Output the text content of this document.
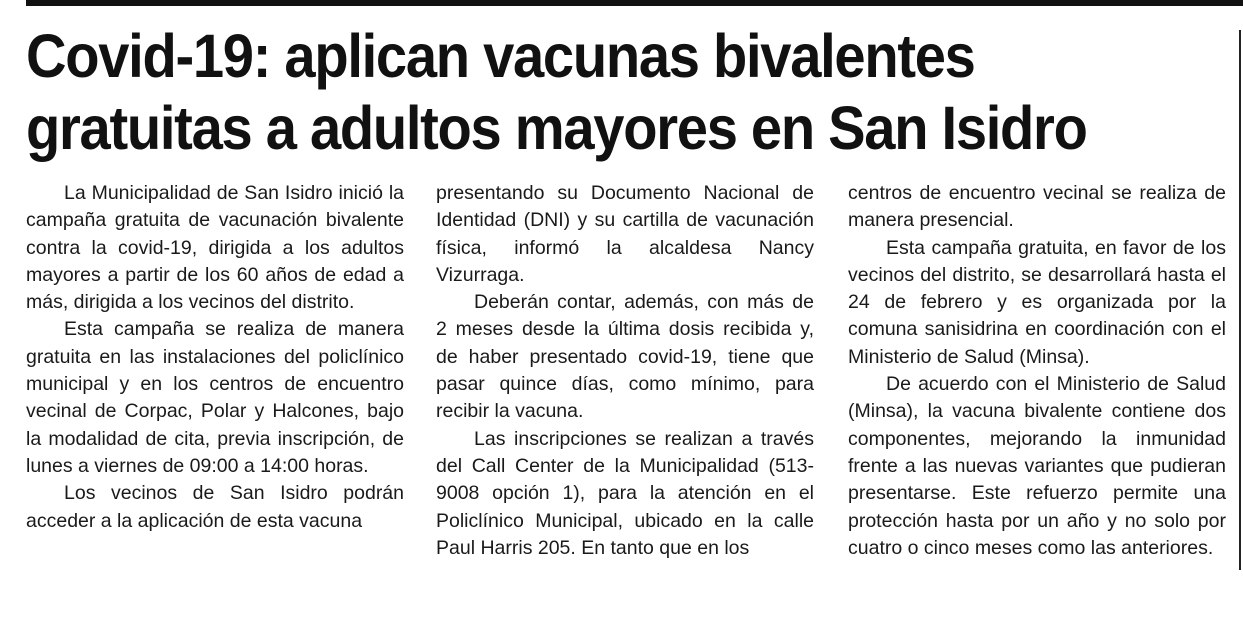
Covid-19: aplican vacunas bivalentes
gratuitas a adultos mayores en San Isidro

La Municipalidad de San Isidro inició la campaña gratuita de vacunación bivalente contra la covid-19, dirigida a los adultos mayores a partir de los 60 años de edad a más, dirigida a los vecinos del distrito.

Esta campaña se realiza de manera gratuita en las instalaciones del policlínico municipal y en los centros de encuentro vecinal de Corpac, Polar y Halcones, bajo la modalidad de cita, previa inscripción, de lunes a viernes de 09:00 a 14:00 horas.

Los vecinos de San Isidro podrán acceder a la aplicación de esta vacuna

presentando su Documento Nacional de Identidad (DNI) y su cartilla de vacunación física, informó la alcaldesa Nancy Vizurraga.

Deberán contar, además, con más de 2 meses desde la última dosis recibida y, de haber presentado covid-19, tiene que pasar quince días, como mínimo, para recibir la vacuna.

Las inscripciones se realizan a través del Call Center de la Municipalidad (513-9008 opción 1), para la atención en el Policlínico Municipal, ubicado en la calle Paul Harris 205. En tanto que en los

centros de encuentro vecinal se realiza de manera presencial.

Esta campaña gratuita, en favor de los vecinos del distrito, se desarrollará hasta el 24 de febrero y es organizada por la comuna sanisidrina en coordinación con el Ministerio de Salud (Minsa).

De acuerdo con el Ministerio de Salud (Minsa), la vacuna bivalente contiene dos componentes, mejorando la inmunidad frente a las nuevas variantes que pudieran presentarse. Este refuerzo permite una protección hasta por un año y no solo por cuatro o cinco meses como las anteriores.
